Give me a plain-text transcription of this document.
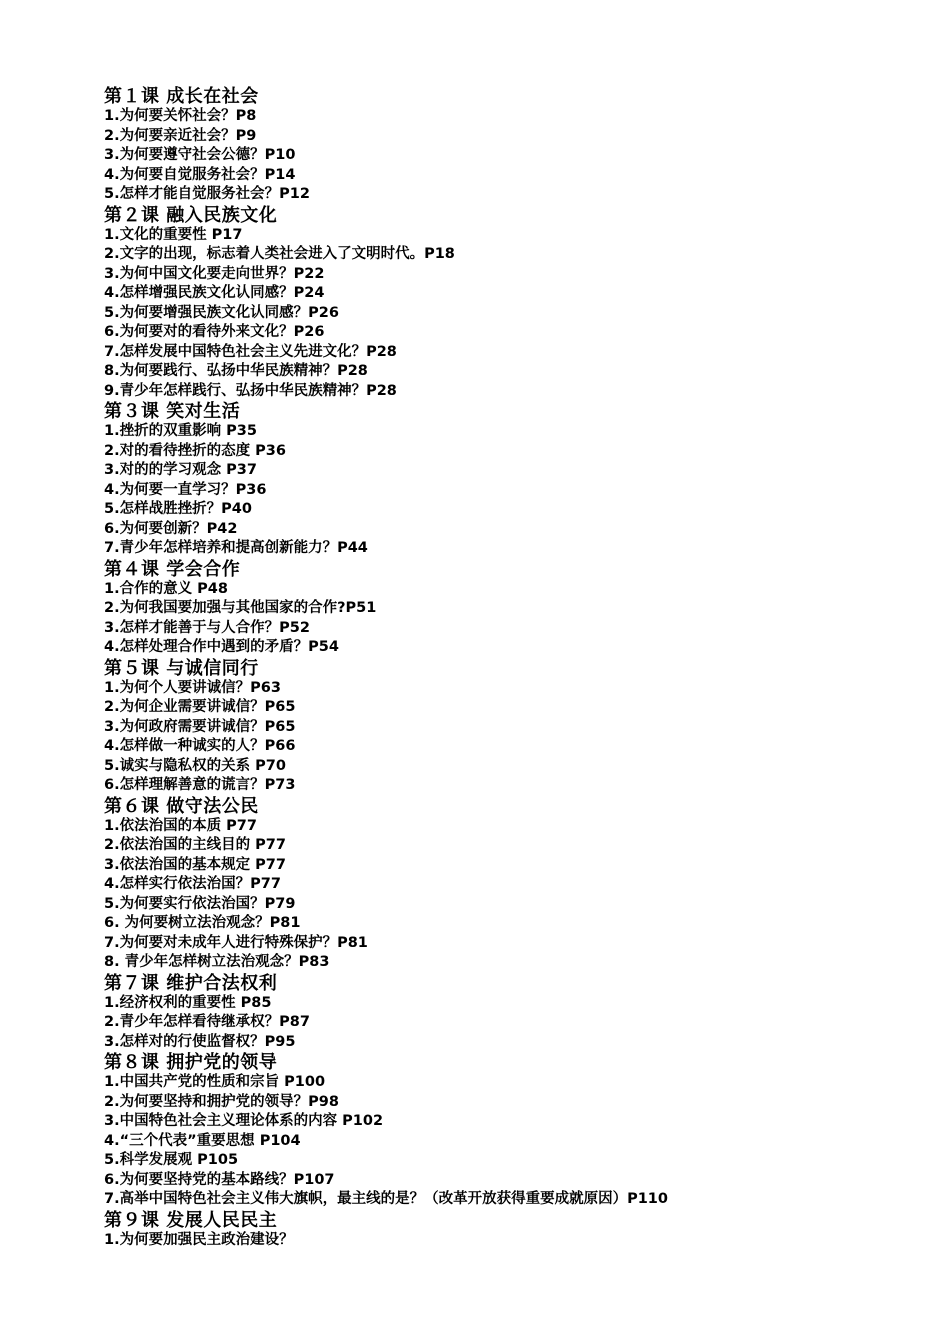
第１课 成长在社会
1.为何要关怀社会？P8
2.为何要亲近社会？P9
3.为何要遵守社会公德？P10
4.为何要自觉服务社会？P14
5.怎样才能自觉服务社会？P12
第２课 融入民族文化
1.文化的重要性 P17
2.文字的出现，标志着人类社会进入了文明时代。P18
3.为何中国文化要走向世界？P22
4.怎样增强民族文化认同感？P24
5.为何要增强民族文化认同感？P26
6.为何要对的看待外来文化？P26
7.怎样发展中国特色社会主义先进文化？P28
8.为何要践行、弘扬中华民族精神？P28
9.青少年怎样践行、弘扬中华民族精神？P28
第３课 笑对生活
1.挫折的双重影响 P35
2.对的看待挫折的态度 P36
3.对的的学习观念 P37
4.为何要一直学习？P36
5.怎样战胜挫折？P40
6.为何要创新？P42
7.青少年怎样培养和提高创新能力？P44
第４课 学会合作
1.合作的意义 P48
2.为何我国要加强与其他国家的合作?P51
3.怎样才能善于与人合作？P52
4.怎样处理合作中遇到的矛盾？P54
第５课 与诚信同行
1.为何个人要讲诚信？P63
2.为何企业需要讲诚信？P65
3.为何政府需要讲诚信？P65
4.怎样做一种诚实的人？P66
5.诚实与隐私权的关系 P70
6.怎样理解善意的谎言？P73
第６课 做守法公民
1.依法治国的本质 P77
2.依法治国的主线目的 P77
3.依法治国的基本规定 P77
4.怎样实行依法治国？P77
5.为何要实行依法治国？P79
6. 为何要树立法治观念？P81
7.为何要对未成年人进行特殊保护？P81
8. 青少年怎样树立法治观念？P83
第７课 维护合法权利
1.经济权利的重要性 P85
2.青少年怎样看待继承权？P87
3.怎样对的行使监督权？P95
第８课 拥护党的领导
1.中国共产党的性质和宗旨 P100
2.为何要坚持和拥护党的领导？P98
3.中国特色社会主义理论体系的内容 P102
4.“三个代表”重要思想 P104
5.科学发展观 P105
6.为何要坚持党的基本路线？P107
7.高举中国特色社会主义伟大旗帜，最主线的是？（改革开放获得重要成就原因）P110
第９课 发展人民民主
1.为何要加强民主政治建设？
